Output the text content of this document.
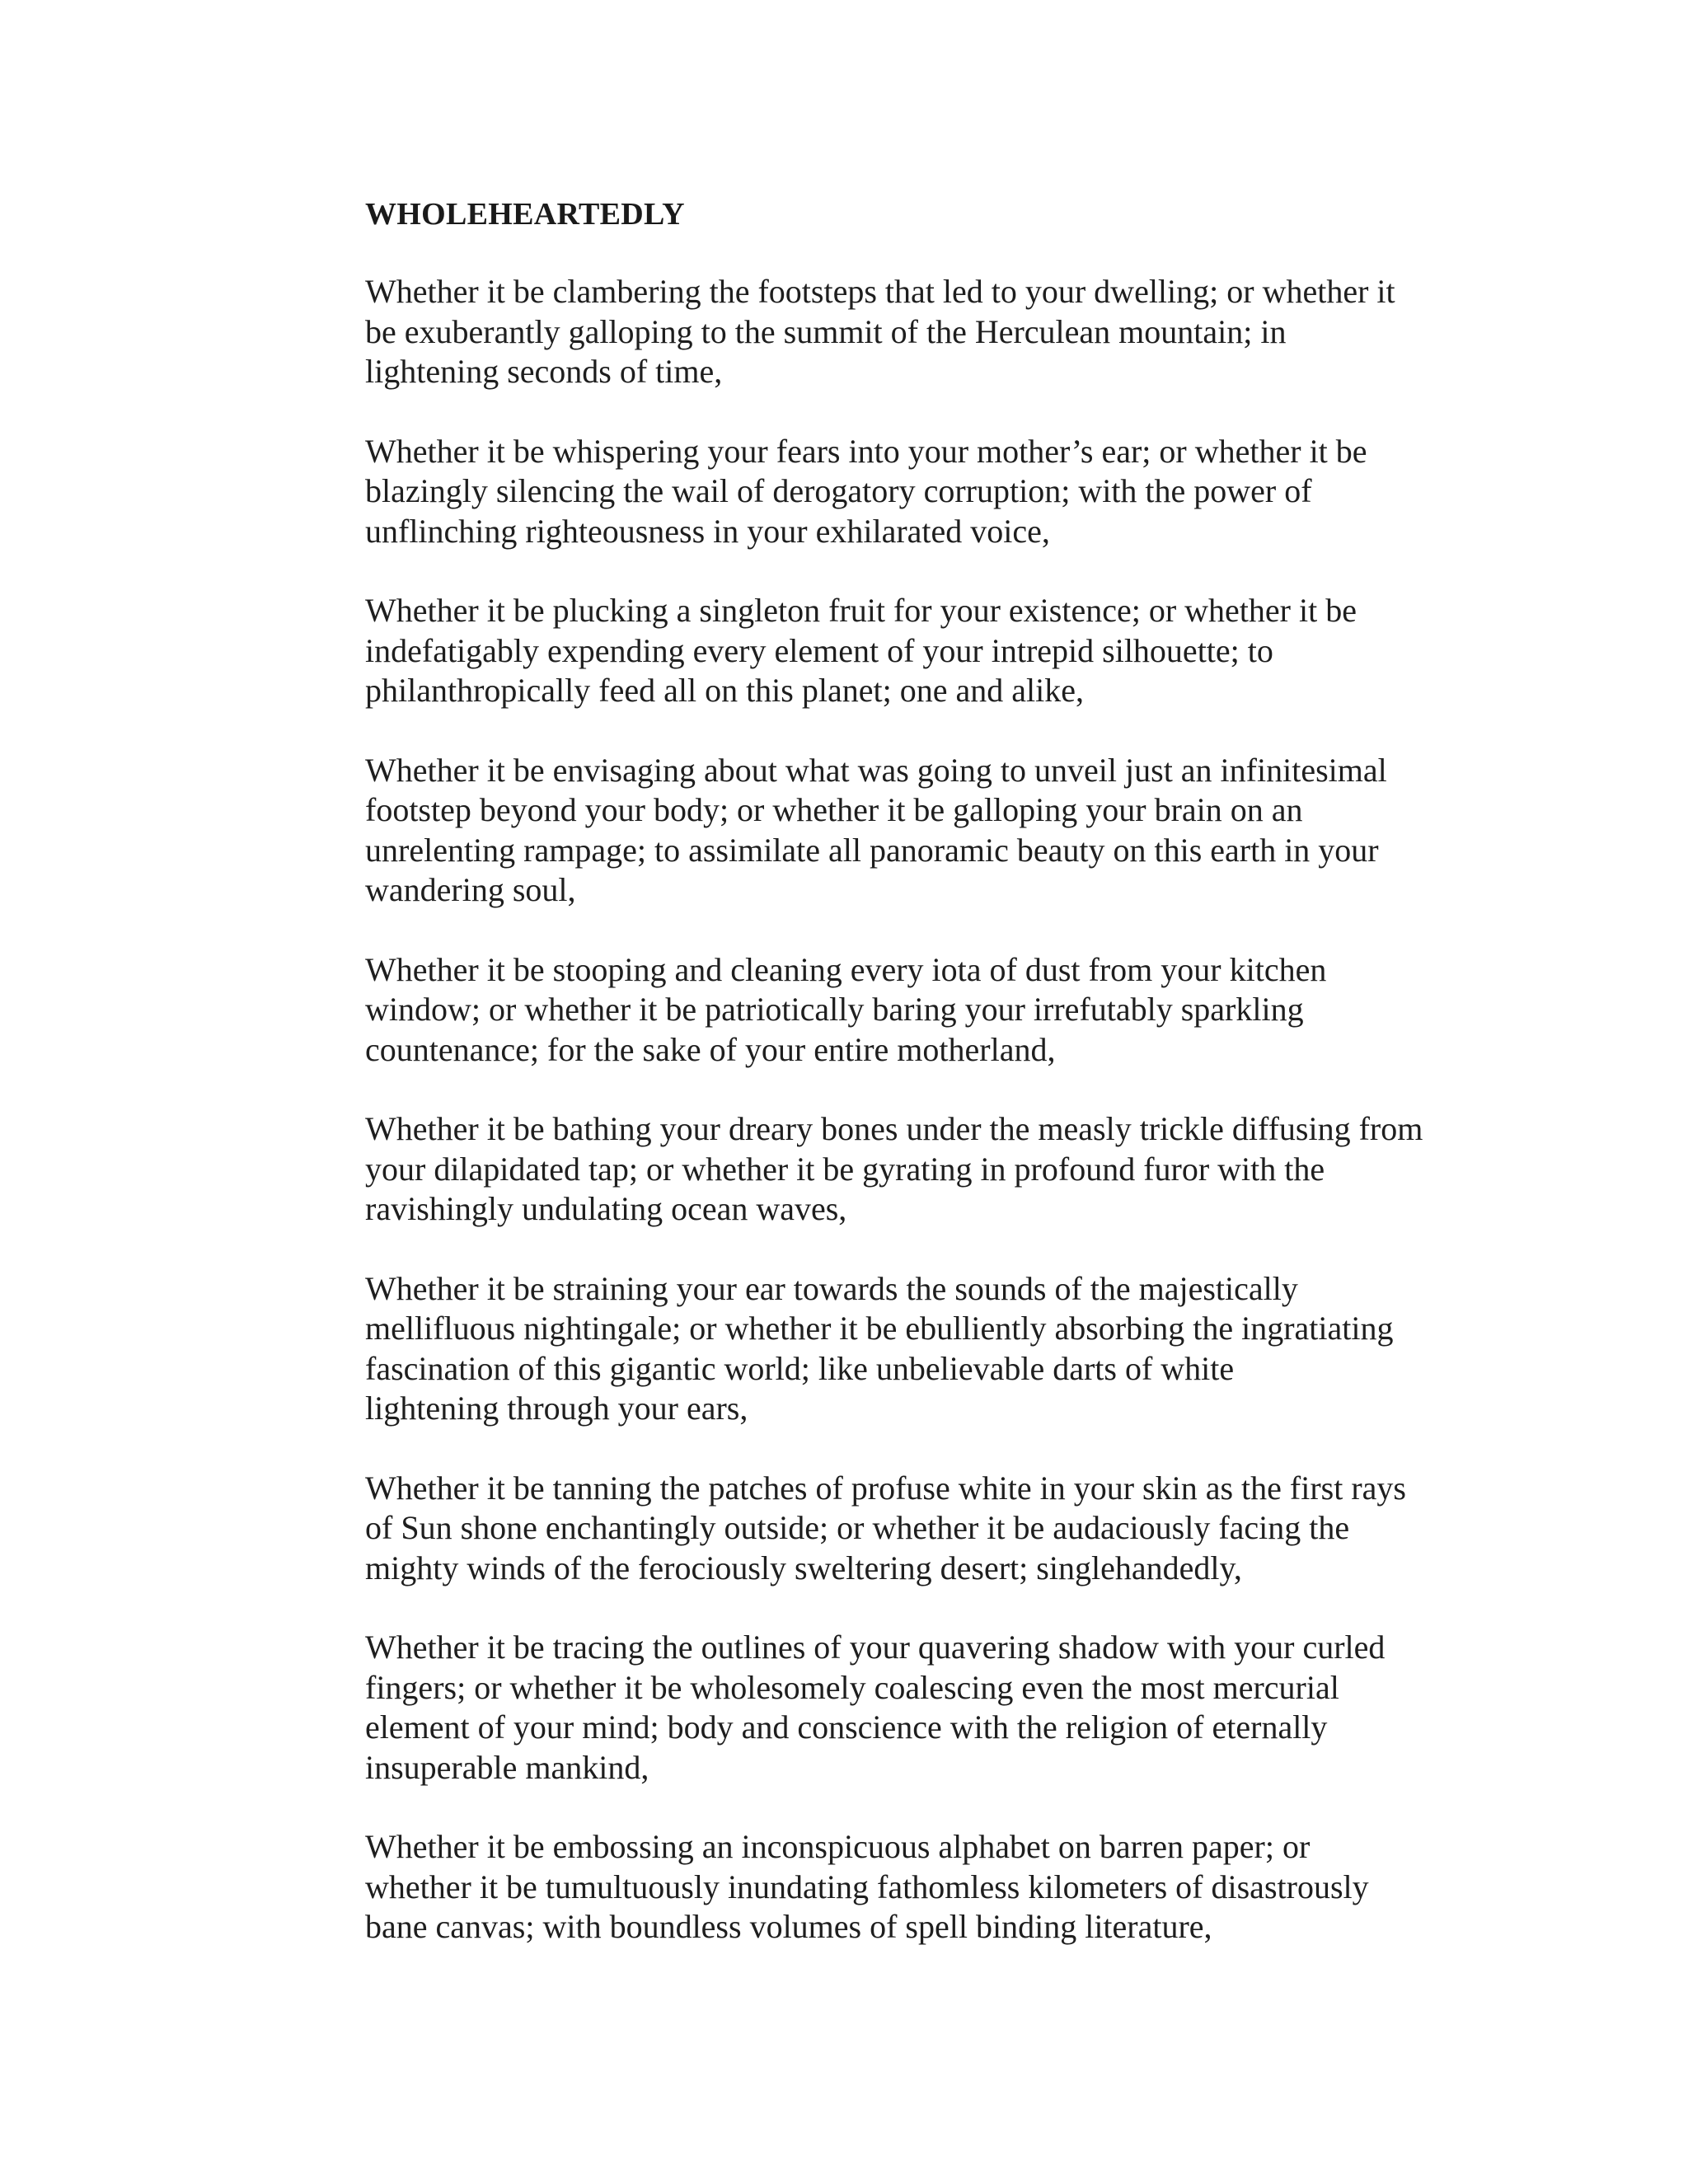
WHOLEHEARTEDLY
Whether it be clambering the footsteps that led to your dwelling; or whether it
be exuberantly galloping to the summit of the Herculean mountain; in
lightening seconds of time,
Whether it be whispering your fears into your mother’s ear; or whether it be
blazingly silencing the wail of derogatory corruption; with the power of
unflinching righteousness in your exhilarated voice,
Whether it be plucking a singleton fruit for your existence; or whether it be
indefatigably expending every element of your intrepid silhouette; to
philanthropically feed all on this planet; one and alike,
Whether it be envisaging about what was going to unveil just an infinitesimal
footstep beyond your body; or whether it be galloping your brain on an
unrelenting rampage; to assimilate all panoramic beauty on this earth in your
wandering soul,
Whether it be stooping and cleaning every iota of dust from your kitchen
window; or whether it be patriotically baring your irrefutably sparkling
countenance; for the sake of your entire motherland,
Whether it be bathing your dreary bones under the measly trickle diffusing from
your dilapidated tap; or whether it be gyrating in profound furor with the
ravishingly undulating ocean waves,
Whether it be straining your ear towards the sounds of the majestically
mellifluous nightingale; or whether it be ebulliently absorbing the ingratiating
fascination of this gigantic world; like unbelievable darts of white
lightening through your ears,
Whether it be tanning the patches of profuse white in your skin as the first rays
of Sun shone enchantingly outside; or whether it be audaciously facing the
mighty winds of the ferociously sweltering desert; singlehandedly,
Whether it be tracing the outlines of your quavering shadow with your curled
fingers; or whether it be wholesomely coalescing even the most mercurial
element of your mind; body and conscience with the religion of eternally
insuperable mankind,
Whether it be embossing an inconspicuous alphabet on barren paper; or
whether it be tumultuously inundating fathomless kilometers of disastrously
bane canvas; with boundless volumes of spell binding literature,
